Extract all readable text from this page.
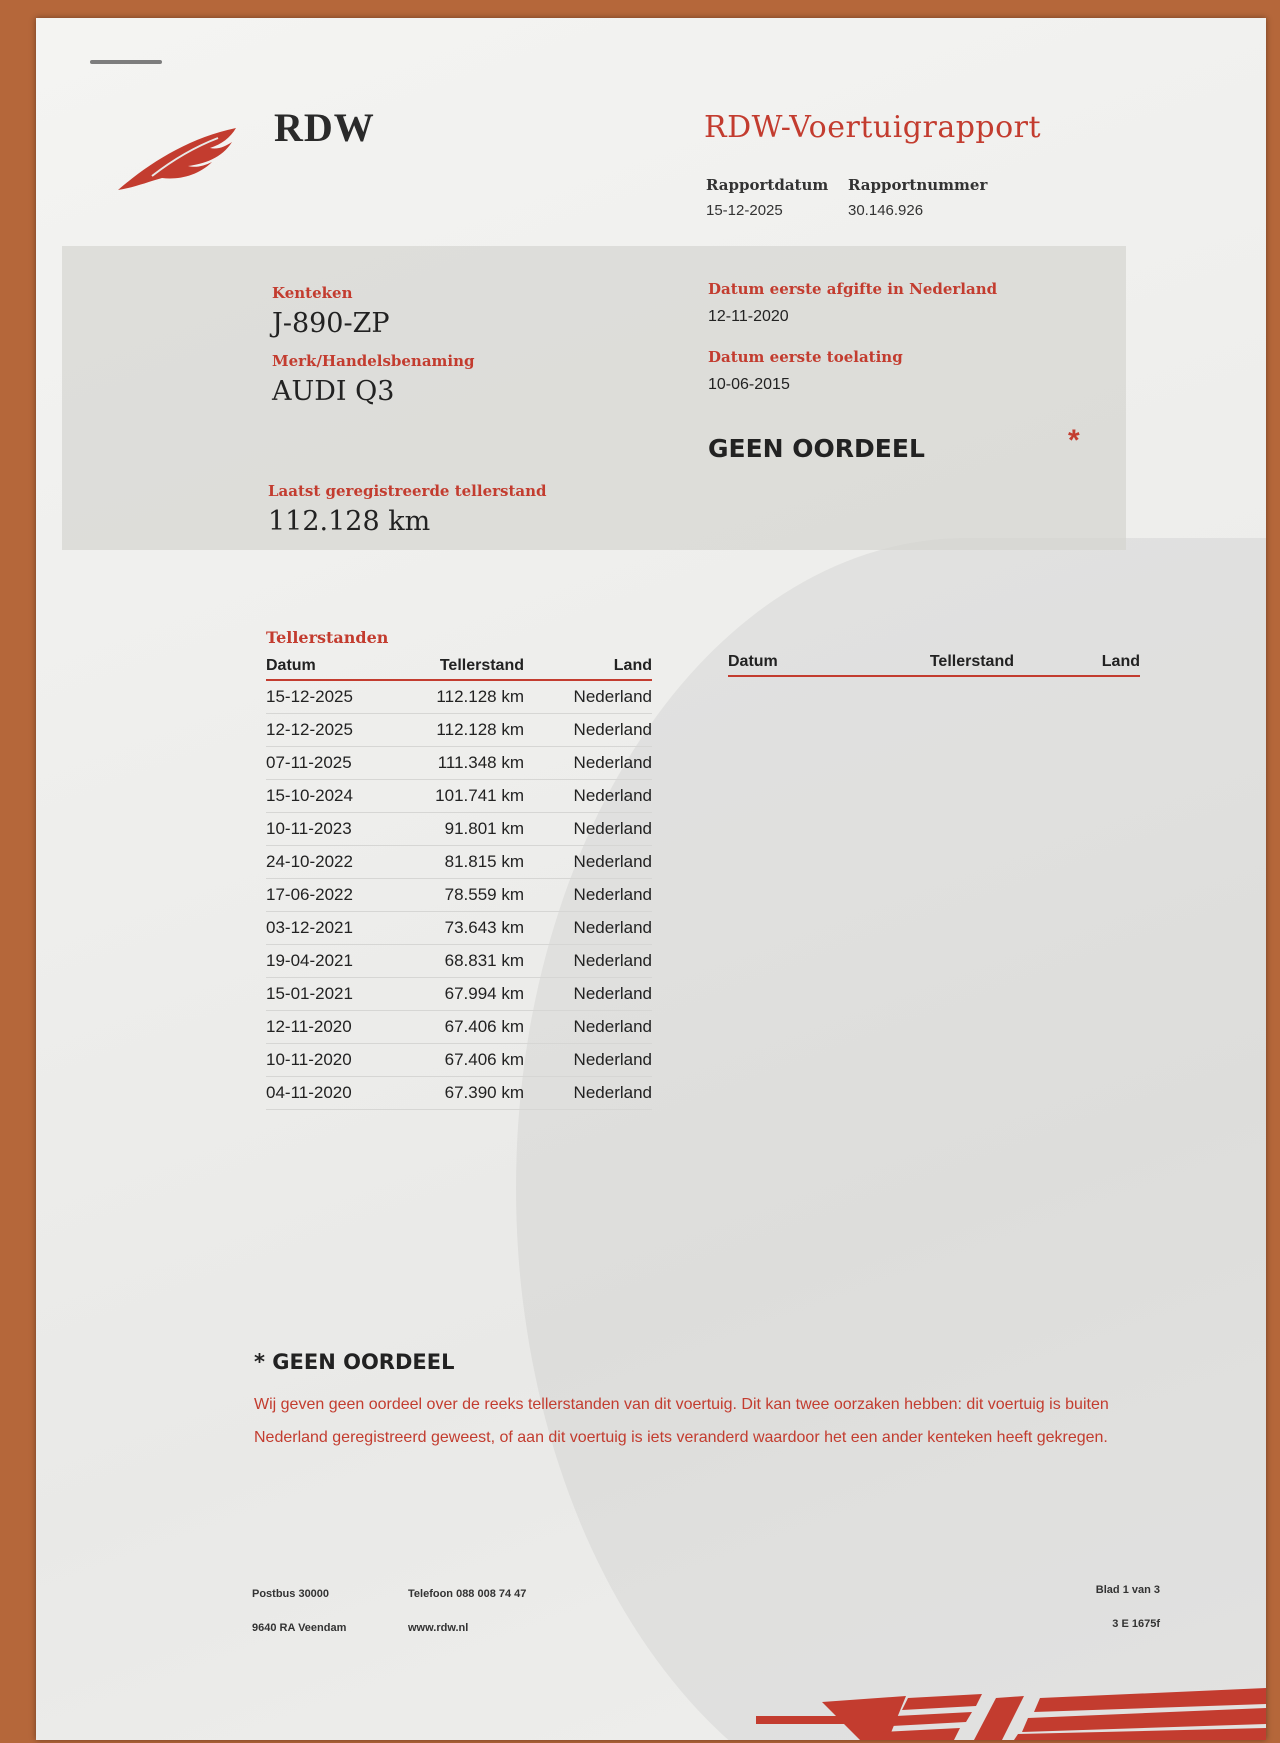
RDW	RDW-Voertuigrapport
Rapportdatum
15-12-2025
Rapportnummer
30.146.926
Kenteken
J-890-ZP
Merk/Handelsbenaming
AUDI Q3
Laatst geregistreerde tellerstand
112.128 km
Datum eerste afgifte in Nederland
12-11-2020
Datum eerste toelating
10-06-2015
GEEN OORDEEL	*
Tellerstanden
Datum	Tellerstand	Land
15-12-2025	112.128 km	Nederland
12-12-2025	112.128 km	Nederland
07-11-2025	111.348 km	Nederland
15-10-2024	101.741 km	Nederland
10-11-2023	91.801 km	Nederland
24-10-2022	81.815 km	Nederland
17-06-2022	78.559 km	Nederland
03-12-2021	73.643 km	Nederland
19-04-2021	68.831 km	Nederland
15-01-2021	67.994 km	Nederland
12-11-2020	67.406 km	Nederland
10-11-2020	67.406 km	Nederland
04-11-2020	67.390 km	Nederland
Datum	Tellerstand	Land
* GEEN OORDEEL
Wij geven geen oordeel over de reeks tellerstanden van dit voertuig. Dit kan twee oorzaken hebben: dit voertuig is buiten Nederland geregistreerd geweest, of aan dit voertuig is iets veranderd waardoor het een ander kenteken heeft gekregen.
Postbus 30000
9640 RA Veendam
Telefoon 088 008 74 47
www.rdw.nl
Blad 1 van 3
3 E 1675f
